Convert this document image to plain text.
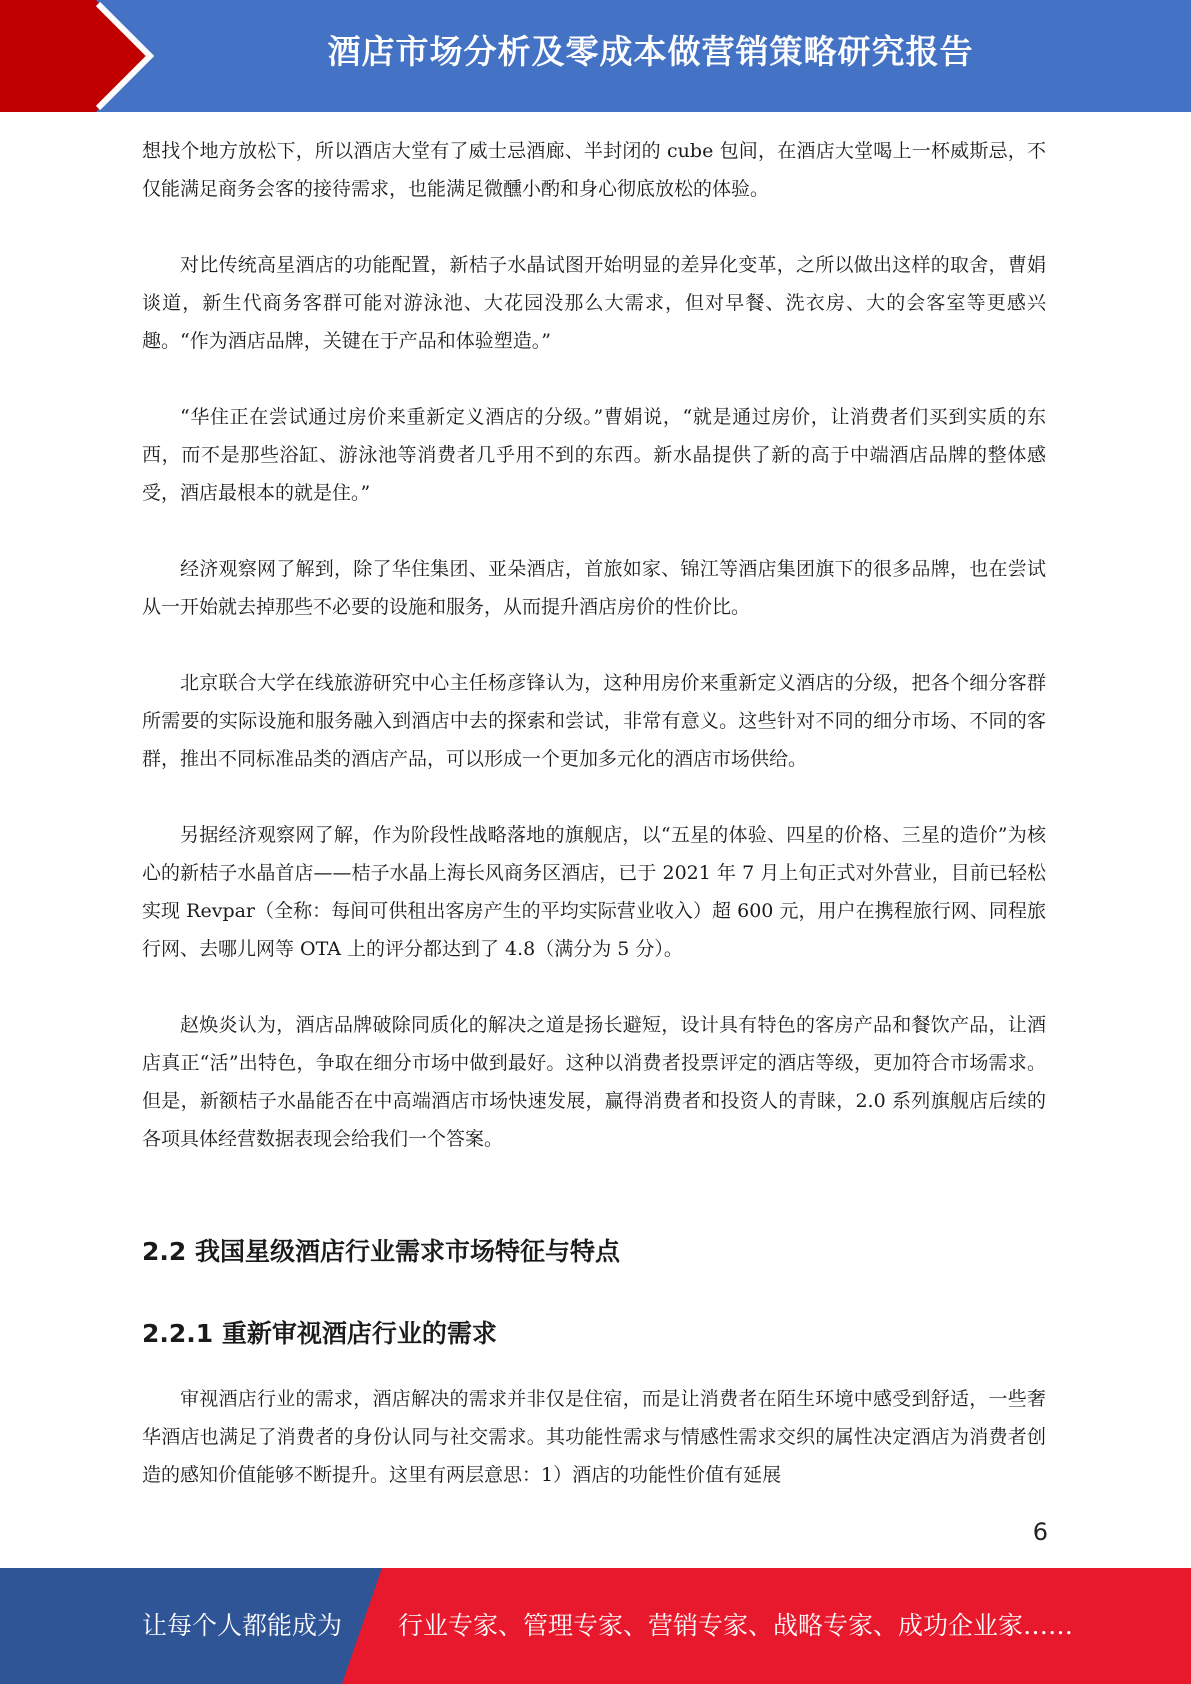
酒店市场分析及零成本做营销策略研究报告

想找个地方放松下，所以酒店大堂有了威士忌酒廊、半封闭的 cube 包间，在酒店大堂喝上一杯威斯忌，不仅能满足商务会客的接待需求，也能满足微醺小酌和身心彻底放松的体验。

对比传统高星酒店的功能配置，新桔子水晶试图开始明显的差异化变革，之所以做出这样的取舍，曹娟谈道，新生代商务客群可能对游泳池、大花园没那么大需求，但对早餐、洗衣房、大的会客室等更感兴趣。“作为酒店品牌，关键在于产品和体验塑造。”

“华住正在尝试通过房价来重新定义酒店的分级。”曹娟说，“就是通过房价，让消费者们买到实质的东西，而不是那些浴缸、游泳池等消费者几乎用不到的东西。新水晶提供了新的高于中端酒店品牌的整体感受，酒店最根本的就是住。”

经济观察网了解到，除了华住集团、亚朵酒店，首旅如家、锦江等酒店集团旗下的很多品牌，也在尝试从一开始就去掉那些不必要的设施和服务，从而提升酒店房价的性价比。

北京联合大学在线旅游研究中心主任杨彦锋认为，这种用房价来重新定义酒店的分级，把各个细分客群所需要的实际设施和服务融入到酒店中去的探索和尝试，非常有意义。这些针对不同的细分市场、不同的客群，推出不同标准品类的酒店产品，可以形成一个更加多元化的酒店市场供给。

另据经济观察网了解，作为阶段性战略落地的旗舰店，以“五星的体验、四星的价格、三星的造价”为核心的新桔子水晶首店——桔子水晶上海长风商务区酒店，已于 2021 年 7 月上旬正式对外营业，目前已轻松实现 Revpar（全称：每间可供租出客房产生的平均实际营业收入）超 600 元，用户在携程旅行网、同程旅行网、去哪儿网等 OTA 上的评分都达到了 4.8（满分为 5 分）。

赵焕炎认为，酒店品牌破除同质化的解决之道是扬长避短，设计具有特色的客房产品和餐饮产品，让酒店真正“活”出特色，争取在细分市场中做到最好。这种以消费者投票评定的酒店等级，更加符合市场需求。但是，新额桔子水晶能否在中高端酒店市场快速发展，赢得消费者和投资人的青睐，2.0 系列旗舰店后续的各项具体经营数据表现会给我们一个答案。

2.2 我国星级酒店行业需求市场特征与特点
2.2.1 重新审视酒店行业的需求

审视酒店行业的需求，酒店解决的需求并非仅是住宿，而是让消费者在陌生环境中感受到舒适，一些奢华酒店也满足了消费者的身份认同与社交需求。其功能性需求与情感性需求交织的属性决定酒店为消费者创造的感知价值能够不断提升。这里有两层意思：1）酒店的功能性价值有延展

6
让每个人都能成为 行业专家、管理专家、营销专家、战略专家、成功企业家……
